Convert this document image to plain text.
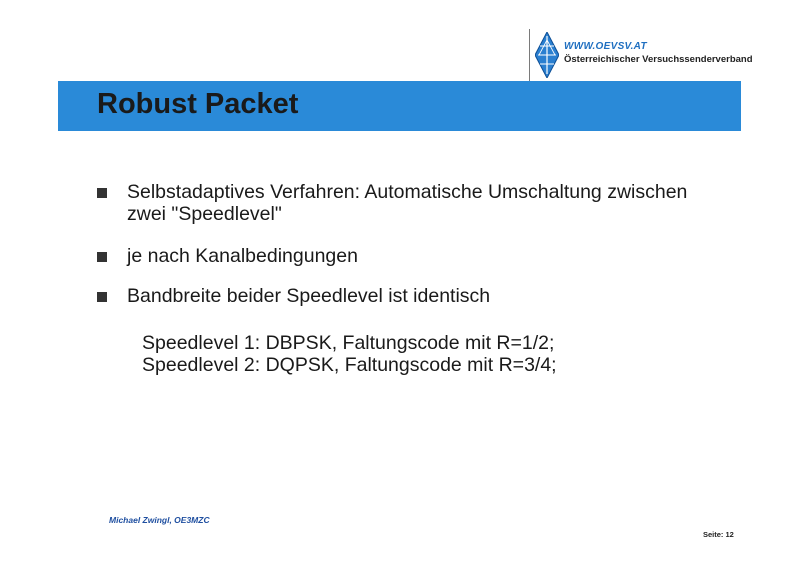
WWW.OEVSV.AT
Österreichischer Versuchssenderverband
Robust Packet
Selbstadaptives Verfahren: Automatische Umschaltung zwischen zwei "Speedlevel"
je nach Kanalbedingungen
Bandbreite beider Speedlevel ist identisch
Speedlevel 1: DBPSK, Faltungscode mit R=1/2;
Speedlevel 2: DQPSK, Faltungscode mit R=3/4;
Michael Zwingl, OE3MZC
Seite: 12
